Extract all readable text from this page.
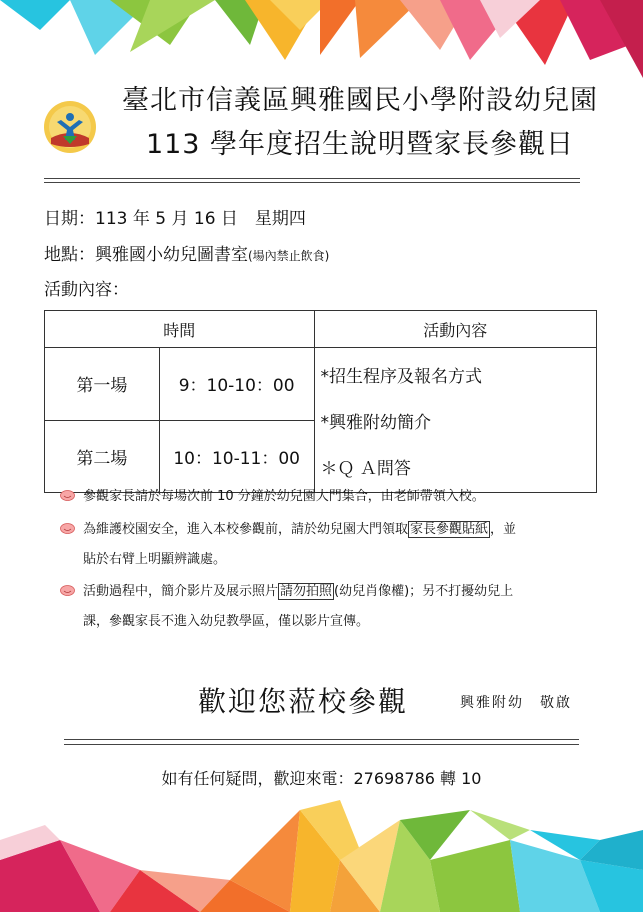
臺北市信義區興雅國民小學附設幼兒園
113 學年度招生說明暨家長參觀日
日期：113 年 5 月 16 日　星期四
地點：興雅國小幼兒圖書室(場內禁止飲食)
活動內容：
時間		活動內容
第一場	9：10-10：00	*招生程序及報名方式
*興雅附幼簡介
＊Ｑ Ａ問答

第二場	10：10-11：00	
參觀家長請於每場次前 10 分鐘於幼兒園大門集合，由老師帶領入校。
為維護校園安全，進入本校參觀前，請於幼兒園大門領取 家長參觀貼紙 ，並
貼於右臂上明顯辨識處。
活動過程中，簡介影片及展示照片 請勿拍照 (幼兒肖像權)；另不打擾幼兒上
課，參觀家長不進入幼兒教學區，僅以影片宣傳。
歡迎您蒞校參觀	興雅附幼　敬啟
如有任何疑問，歡迎來電：27698786 轉 10
